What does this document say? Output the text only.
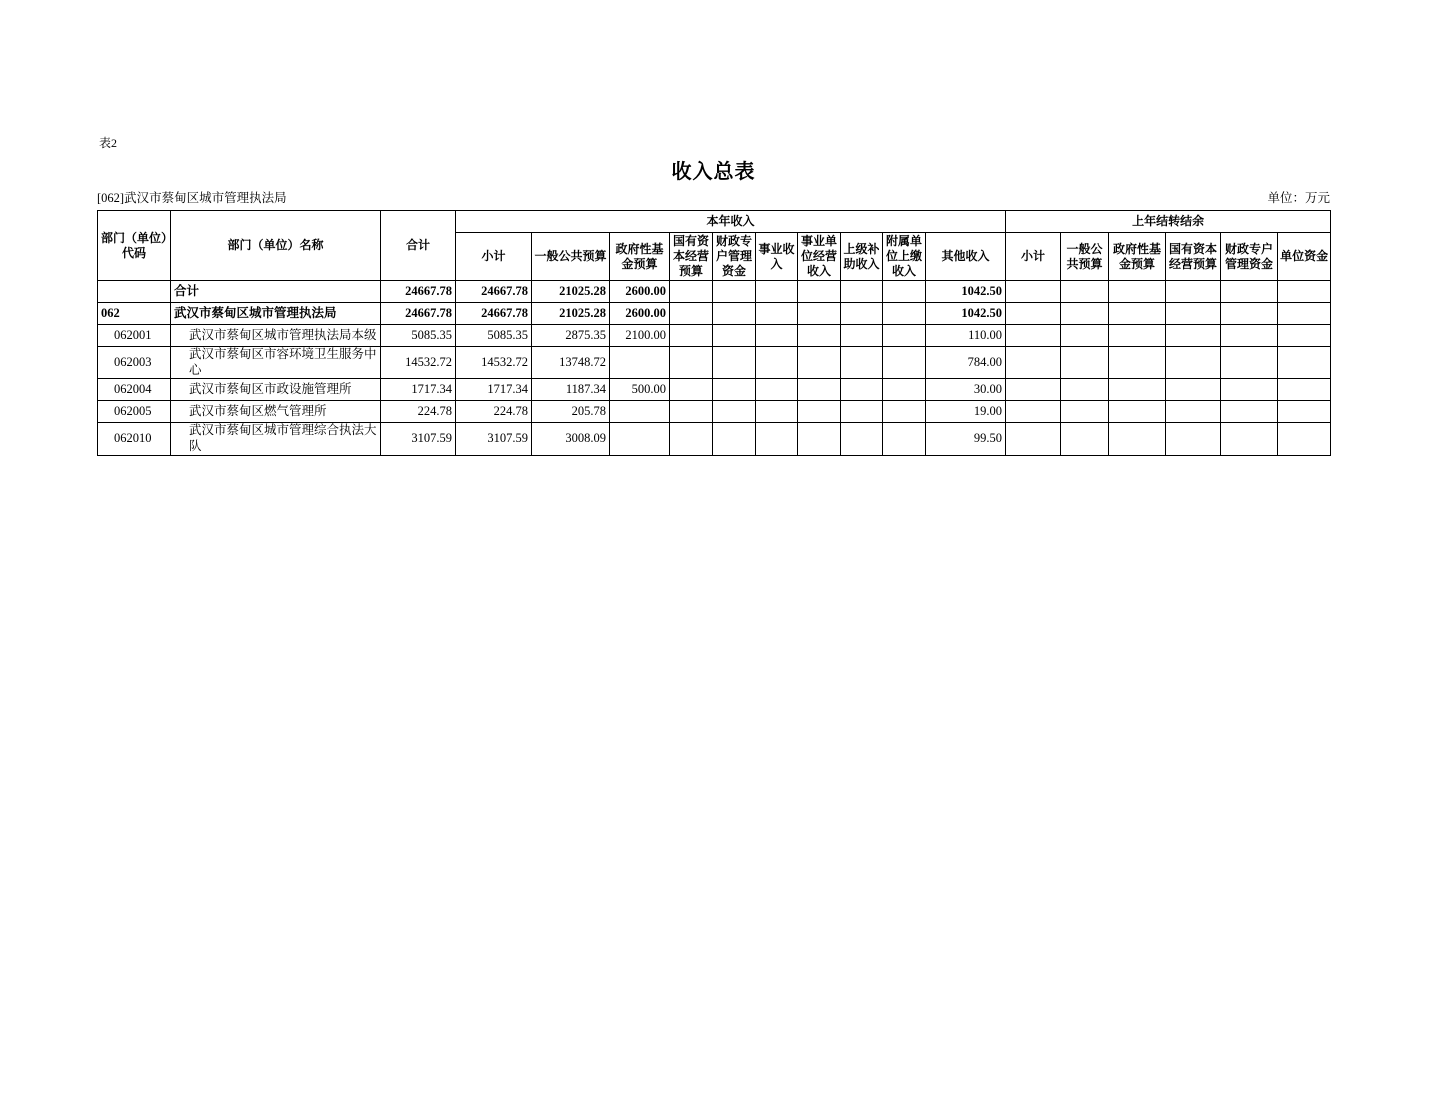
表2
收入总表
[062]武汉市蔡甸区城市管理执法局	单位：万元
部门（单位）代码	部门（单位）名称	合计	本年收入										上年结转结余					
			小计	一般公共预算	政府性基金预算	国有资本经营预算	财政专户管理资金	事业收入	事业单位经营收入	上级补助收入	附属单位上缴收入	其他收入	小计	一般公共预算	政府性基金预算	国有资本经营预算	财政专户管理资金	单位资金
	合计	24667.78	24667.78	21025.28	2600.00							1042.50						
062	武汉市蔡甸区城市管理执法局	24667.78	24667.78	21025.28	2600.00							1042.50						
062001	武汉市蔡甸区城市管理执法局本级	5085.35	5085.35	2875.35	2100.00							110.00						
062003	武汉市蔡甸区市容环境卫生服务中心	14532.72	14532.72	13748.72								784.00						
062004	武汉市蔡甸区市政设施管理所	1717.34	1717.34	1187.34	500.00							30.00						
062005	武汉市蔡甸区燃气管理所	224.78	224.78	205.78								19.00						
062010	武汉市蔡甸区城市管理综合执法大队	3107.59	3107.59	3008.09								99.50						
